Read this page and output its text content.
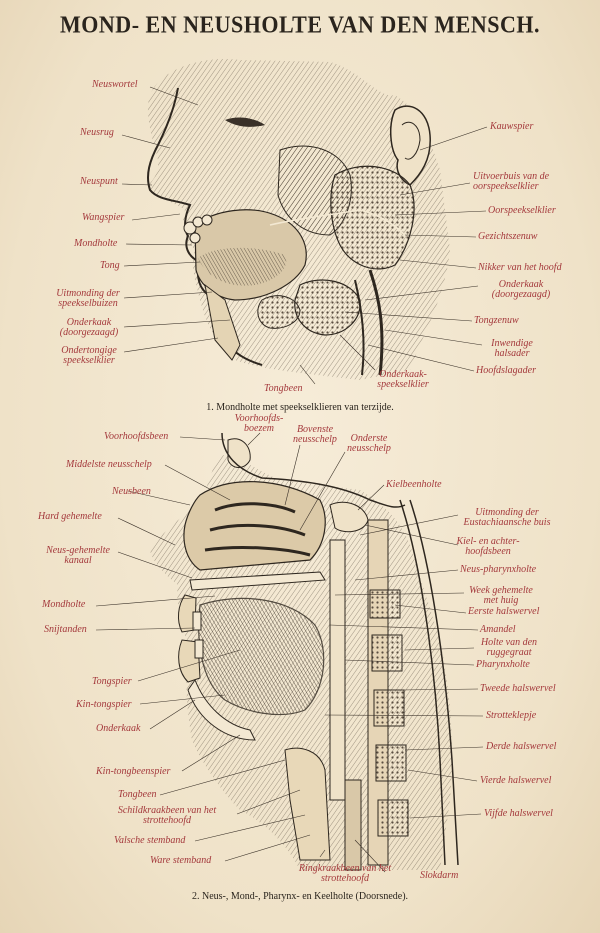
MOND- EN NEUSHOLTE VAN DEN MENSCH.
Neuswortel
Neusrug
Neuspunt
Wangspier
Mondholte
Tong
Uitmonding der
speekselbuizen
Onderkaak
(doorgezaagd)
Ondertongige
speekselklier
Tongbeen
Kauwspier
Uitvoerbuis van de
oorspeekselklier
Oorspeekselklier
Gezichtszenuw
Nikker van het hoofd
Onderkaak
(doorgezaagd)
Tongzenuw
Inwendige
halsader
Hoofdslagader
Onderkaak-
speekselklier
1. Mondholte met speekselklieren van terzijde.
Voorhoofdsbeen
Voorhoofds-
boezem	Bovenste
neusschelp	Onderste
neusschelp
Middelste neusschelp
Neusbeen
Hard gehemelte
Neus-gehemelte
kanaal
Mondholte
Snijtanden
Tongspier
Kin-tongspier
Onderkaak
Kin-tongbeenspier
Tongbeen
Schildkraakbeen van het
strottehoofd
Valsche stemband
Ware stemband
Ringkraakbeen van het
strottehoofd	Slokdarm
Kielbeenholte
Uitmonding der
Eustachiaansche buis
Kiel- en achter-
hoofdsbeen
Neus-pharynxholte
Week gehemelte
met huig
Eerste halswervel
Amandel
Holte van den
ruggegraat
Pharynxholte
Tweede halswervel
Strotteklepje
Derde halswervel
Vierde halswervel
Vijfde halswervel
2. Neus-, Mond-, Pharynx- en Keelholte (Doorsnede).
